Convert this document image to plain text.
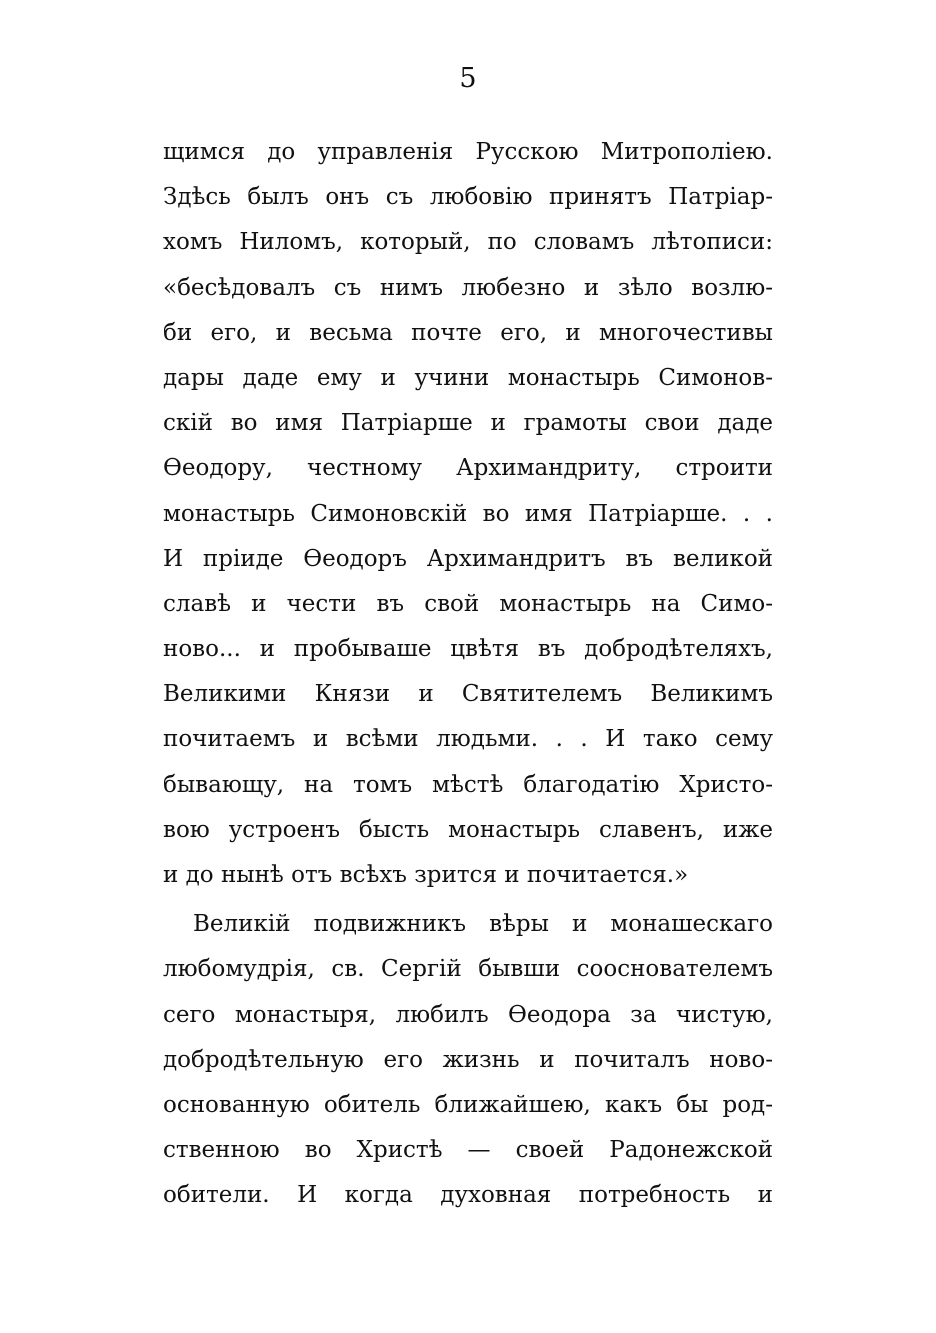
5
щимся до управленія Русскою Митрополіею.
Здѣсь былъ онъ съ любовію принятъ Патріар-
хомъ Ниломъ, который, по словамъ лѣтописи:
«бесѣдовалъ съ нимъ любезно и зѣло возлю-
би его, и весьма почте его, и многочестивы
дары даде ему и учини монастырь Симонов-
скій во имя Патріарше и грамоты свои даде
Ѳеодору, честному Архимандриту, строити
монастырь Симоновскій во имя Патріарше. . .
И пріиде Ѳеодоръ Архимандритъ въ великой
славѣ и чести въ свой монастырь на Симо-
ново... и пробываше цвѣтя въ добродѣтеляхъ,
Великими Князи и Святителемъ Великимъ
почитаемъ и всѣми людьми. . . И тако сему
бывающу, на томъ мѣстѣ благодатію Христо-
вою устроенъ бысть монастырь славенъ, иже
и до нынѣ отъ всѣхъ зрится и почитается.»
Великій подвижникъ вѣры и монашескаго
любомудрія, св. Сергій бывши сооснователемъ
сего монастыря, любилъ Ѳеодора за чистую,
добродѣтельную его жизнь и почиталъ ново-
основанную обитель ближайшею, какъ бы род-
ственною во Христѣ — своей Радонежской
обители. И когда духовная потребность и
